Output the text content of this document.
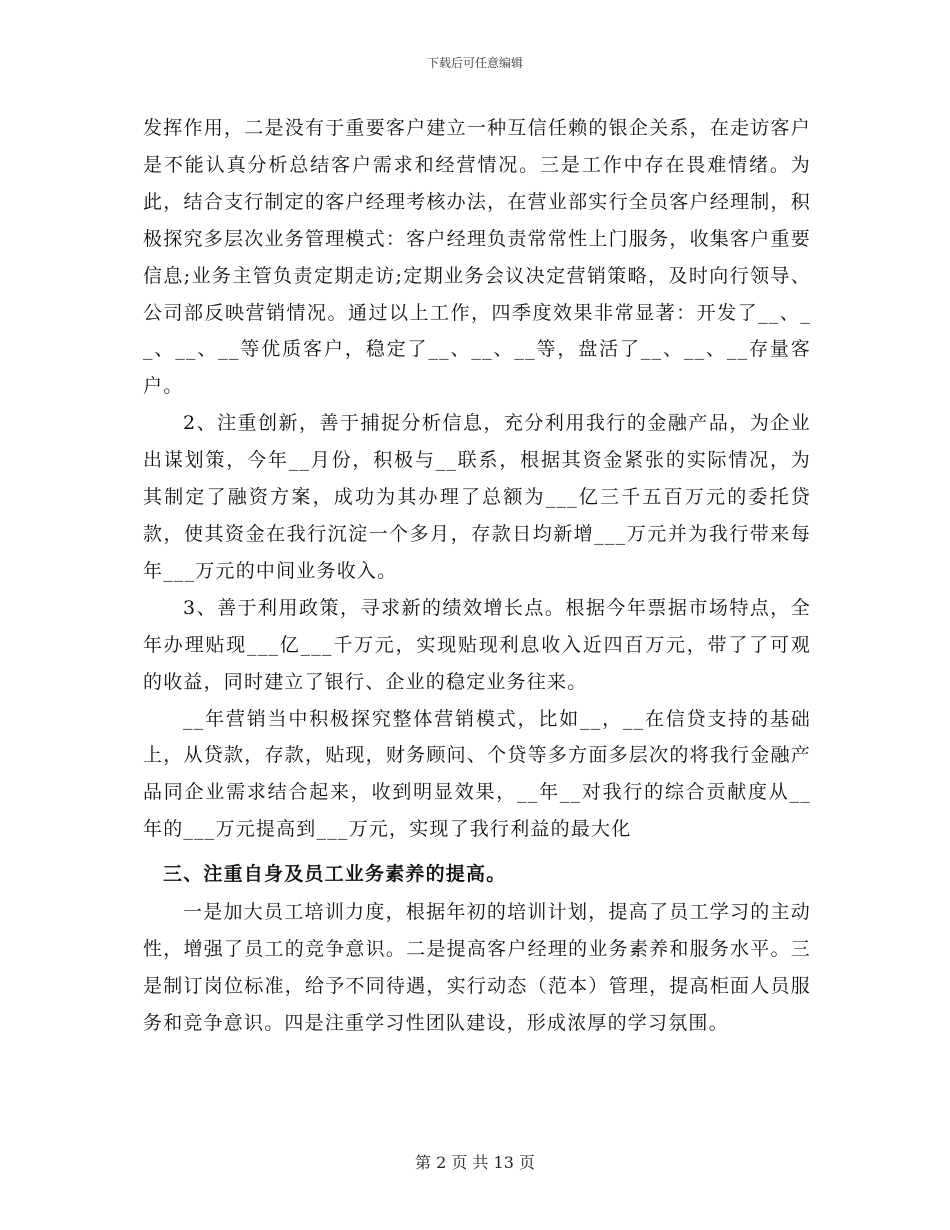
下载后可任意编辑

发挥作用，二是没有于重要客户建立一种互信任赖的银企关系，在走访客户是不能认真分析总结客户需求和经营情况。三是工作中存在畏难情绪。为此，结合支行制定的客户经理考核办法，在营业部实行全员客户经理制，积极探究多层次业务管理模式：客户经理负责常常性上门服务，收集客户重要信息;业务主管负责定期走访;定期业务会议决定营销策略，及时向行领导、公司部反映营销情况。通过以上工作，四季度效果非常显著：开发了__、__、__、__等优质客户，稳定了__、__、__等，盘活了__、__、__存量客户。

2、注重创新，善于捕捉分析信息，充分利用我行的金融产品，为企业出谋划策，今年__月份，积极与__联系，根据其资金紧张的实际情况，为其制定了融资方案，成功为其办理了总额为___亿三千五百万元的委托贷款，使其资金在我行沉淀一个多月，存款日均新增___万元并为我行带来每年___万元的中间业务收入。

3、善于利用政策，寻求新的绩效增长点。根据今年票据市场特点，全年办理贴现___亿___千万元，实现贴现利息收入近四百万元，带了了可观的收益，同时建立了银行、企业的稳定业务往来。

__年营销当中积极探究整体营销模式，比如__，__在信贷支持的基础上，从贷款，存款，贴现，财务顾问、个贷等多方面多层次的将我行金融产品同企业需求结合起来，收到明显效果，__年__对我行的综合贡献度从__年的___万元提高到___万元，实现了我行利益的最大化

三、注重自身及员工业务素养的提高。

一是加大员工培训力度，根据年初的培训计划，提高了员工学习的主动性，增强了员工的竞争意识。二是提高客户经理的业务素养和服务水平。三是制订岗位标准，给予不同待遇，实行动态（范本）管理，提高柜面人员服务和竞争意识。四是注重学习性团队建设，形成浓厚的学习氛围。

第 2 页 共 13 页
